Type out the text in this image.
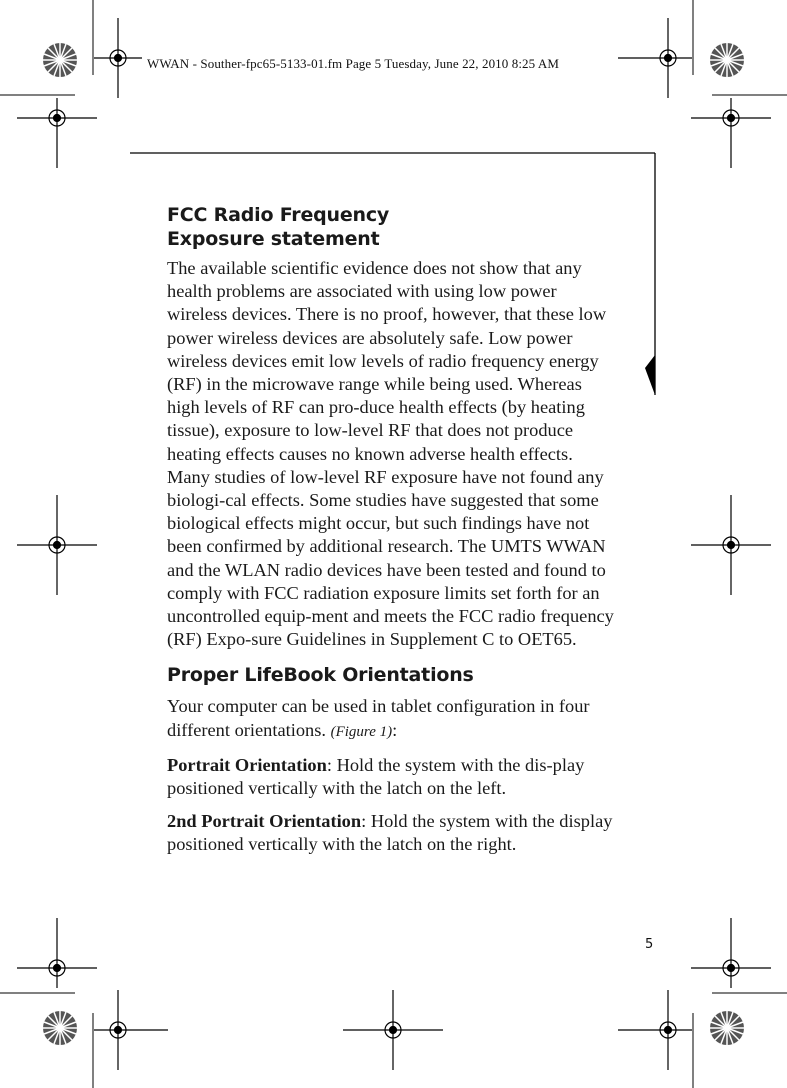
WWAN - Souther-fpc65-5133-01.fm Page 5 Tuesday, June 22, 2010 8:25 AM
FCC Radio Frequency
Exposure statement

The available scientific evidence does not show that any health problems are associated with using low power wireless devices. There is no proof, however, that these low power wireless devices are absolutely safe. Low power wireless devices emit low levels of radio frequency energy (RF) in the microwave range while being used. Whereas high levels of RF can pro-duce health effects (by heating tissue), exposure to low-level RF that does not produce heating effects causes no known adverse health effects. Many studies of low-level RF exposure have not found any biologi-cal effects. Some studies have suggested that some biological effects might occur, but such findings have not been confirmed by additional research. The UMTS WWAN and the WLAN radio devices have been tested and found to comply with FCC radiation exposure limits set forth for an uncontrolled equip-ment and meets the FCC radio frequency (RF) Expo-sure Guidelines in Supplement C to OET65.

Proper LifeBook Orientations

Your computer can be used in tablet configuration in four different orientations. (Figure 1):

Portrait Orientation: Hold the system with the dis-play positioned vertically with the latch on the left.

2nd Portrait Orientation: Hold the system with the display positioned vertically with the latch on the right.

5
